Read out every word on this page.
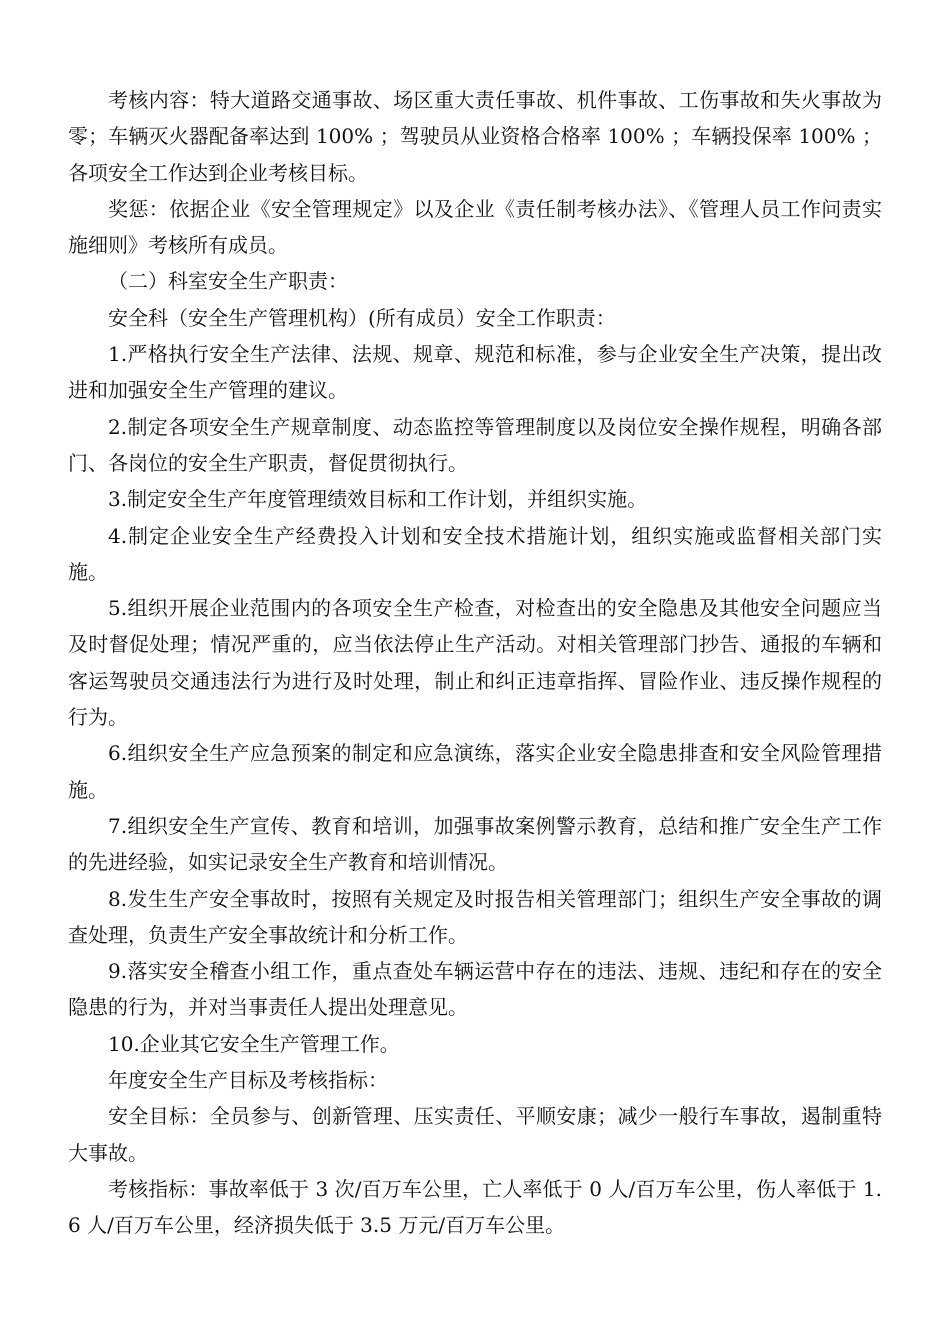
考核内容：特大道路交通事故、场区重大责任事故、机件事故、工伤事故和失火事故为零；车辆灭火器配备率达到 100% ；驾驶员从业资格合格率 100% ；车辆投保率 100% ；各项安全工作达到企业考核目标。

奖惩：依据企业《安全管理规定》以及企业《责任制考核办法》、《管理人员工作问责实施细则》考核所有成员。

（二）科室安全生产职责：

安全科（安全生产管理机构）(所有成员）安全工作职责：

1.严格执行安全生产法律、法规、规章、规范和标准，参与企业安全生产决策，提出改进和加强安全生产管理的建议。

2.制定各项安全生产规章制度、动态监控等管理制度以及岗位安全操作规程，明确各部门、各岗位的安全生产职责，督促贯彻执行。

3.制定安全生产年度管理绩效目标和工作计划，并组织实施。

4.制定企业安全生产经费投入计划和安全技术措施计划，组织实施或监督相关部门实施。

5.组织开展企业范围内的各项安全生产检查，对检查出的安全隐患及其他安全问题应当及时督促处理；情况严重的，应当依法停止生产活动。对相关管理部门抄告、通报的车辆和客运驾驶员交通违法行为进行及时处理，制止和纠正违章指挥、冒险作业、违反操作规程的行为。

6.组织安全生产应急预案的制定和应急演练，落实企业安全隐患排查和安全风险管理措施。

7.组织安全生产宣传、教育和培训，加强事故案例警示教育，总结和推广安全生产工作的先进经验，如实记录安全生产教育和培训情况。

8.发生生产安全事故时，按照有关规定及时报告相关管理部门；组织生产安全事故的调查处理，负责生产安全事故统计和分析工作。

9.落实安全稽查小组工作，重点查处车辆运营中存在的违法、违规、违纪和存在的安全隐患的行为，并对当事责任人提出处理意见。

10.企业其它安全生产管理工作。

年度安全生产目标及考核指标：

安全目标：全员参与、创新管理、压实责任、平顺安康；减少一般行车事故，遏制重特大事故。

考核指标：事故率低于 3 次/百万车公里，亡人率低于 0 人/百万车公里，伤人率低于 1.6 人/百万车公里，经济损失低于 3.5 万元/百万车公里。
